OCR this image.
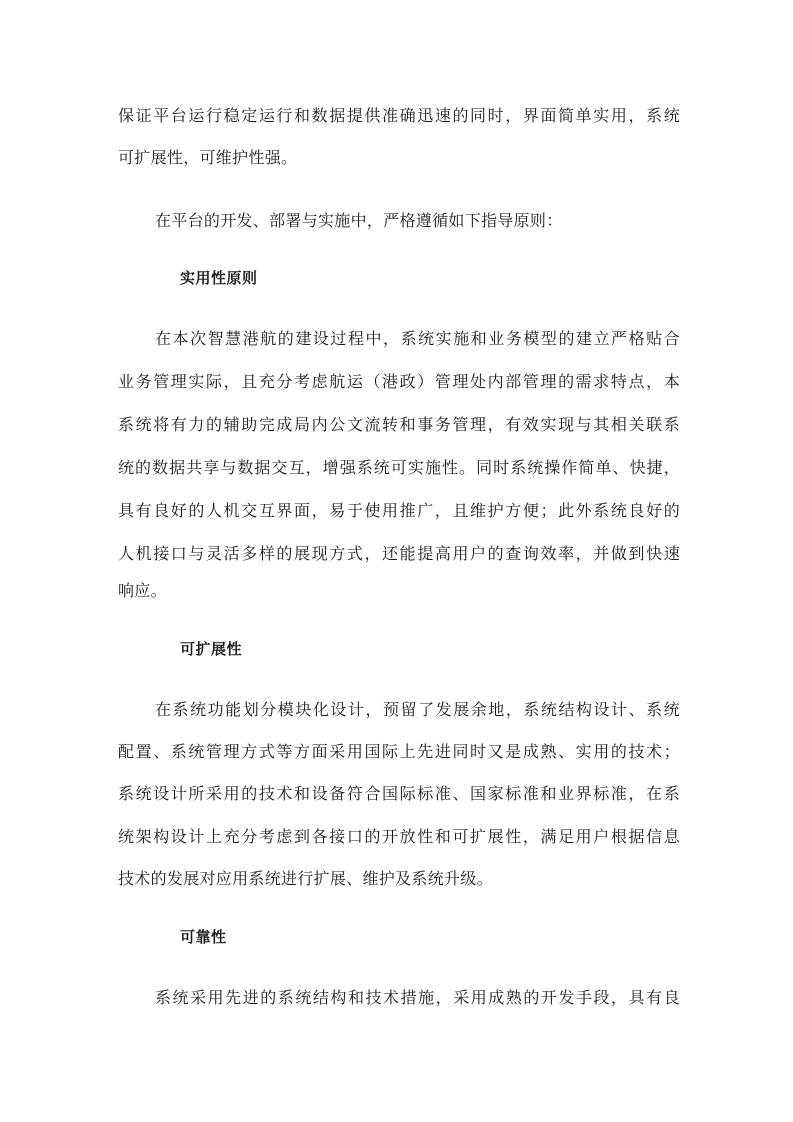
保证平台运行稳定运行和数据提供准确迅速的同时，界面简单实用，系统
可扩展性，可维护性强。
在平台的开发、部署与实施中，严格遵循如下指导原则：
实用性原则
在本次智慧港航的建设过程中，系统实施和业务模型的建立严格贴合
业务管理实际，且充分考虑航运（港政）管理处内部管理的需求特点，本
系统将有力的辅助完成局内公文流转和事务管理，有效实现与其相关联系
统的数据共享与数据交互，增强系统可实施性。同时系统操作简单、快捷，
具有良好的人机交互界面，易于使用推广，且维护方便；此外系统良好的
人机接口与灵活多样的展现方式，还能提高用户的查询效率，并做到快速
响应。
可扩展性
在系统功能划分模块化设计，预留了发展余地，系统结构设计、系统
配置、系统管理方式等方面采用国际上先进同时又是成熟、实用的技术；
系统设计所采用的技术和设备符合国际标准、国家标准和业界标准，在系
统架构设计上充分考虑到各接口的开放性和可扩展性，满足用户根据信息
技术的发展对应用系统进行扩展、维护及系统升级。
可靠性
系统采用先进的系统结构和技术措施，采用成熟的开发手段，具有良
